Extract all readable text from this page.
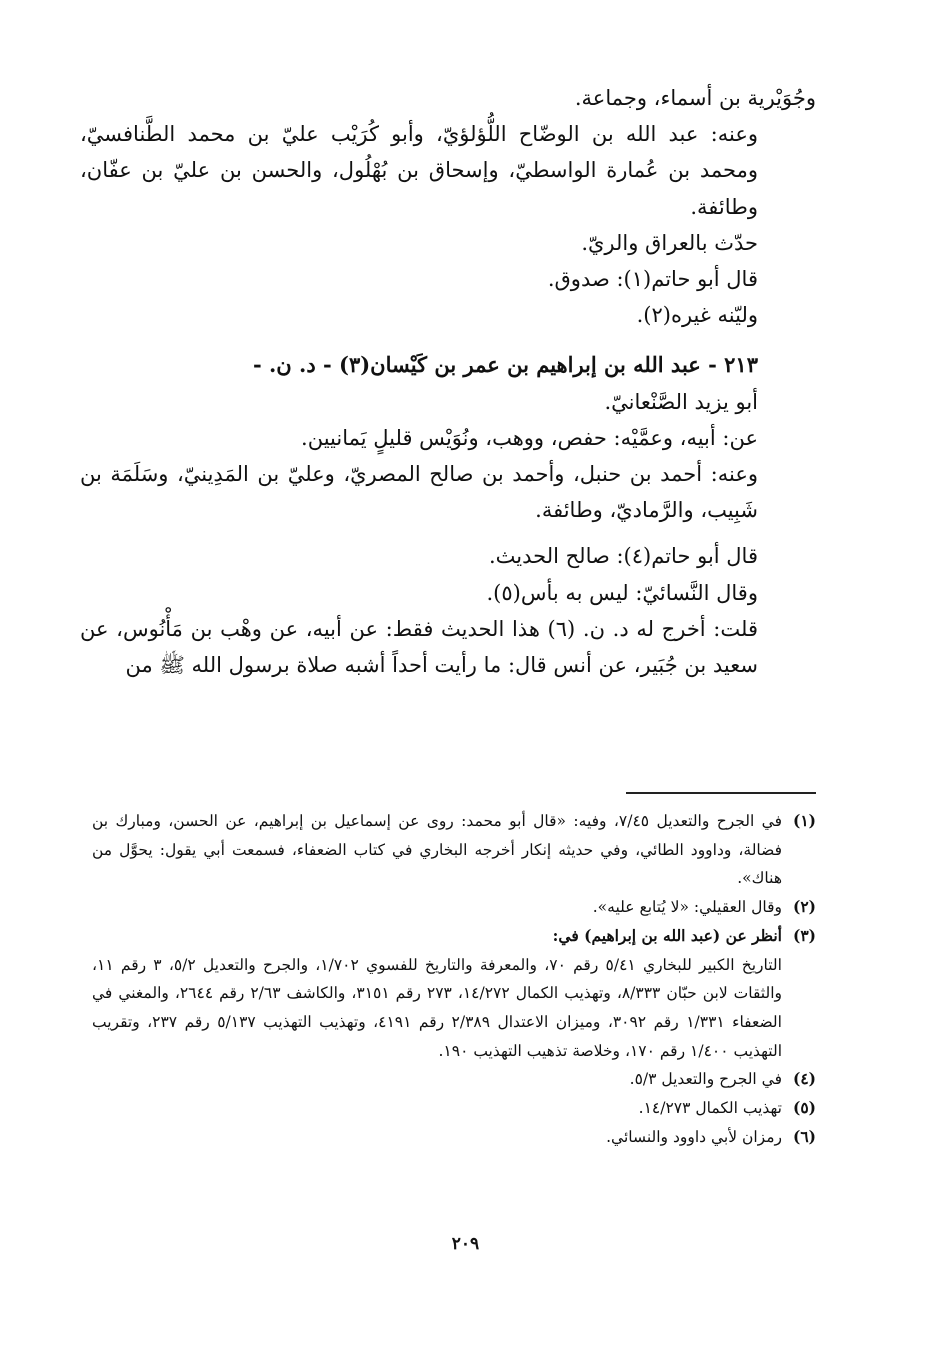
وجُوَيْرية بن أسماء، وجماعة.

وعنه: عبد الله بن الوضّاح اللُّؤلؤيّ، وأبو كُرَيْب عليّ بن محمد الطَّنافسيّ، ومحمد بن عُمارة الواسطيّ، وإسحاق بن بُهْلُول، والحسن بن عليّ بن عفّان، وطائفة.

حدّث بالعراق والريّ.

قال أبو حاتم(١): صدوق.

وليّنه غيره(٢).

٢١٣ - عبد الله بن إبراهيم بن عمر بن كَيْسان(٣) - د. ن. -

أبو يزيد الصَّنْعانيّ.

عن: أبيه، وعمَّيْه: حفص، ووهب، ونُوَيْس قليلٍ يَمانيين.

وعنه: أحمد بن حنبل، وأحمد بن صالح المصريّ، وعليّ بن المَدِينيّ، وسَلَمَة بن شَبِيب، والرَّماديّ، وطائفة.

قال أبو حاتم(٤): صالح الحديث.

وقال النَّسائيّ: ليس به بأس(٥).

قلت: أخرج له د. ن. (٦) هذا الحديث فقط: عن أبيه، عن وهْب بن مَأْنُوس، عن سعيد بن جُبَير، عن أنس قال: ما رأيت أحداً أشبه صلاة برسول الله ﷺ من

(١)
في الجرح والتعديل ٧/٤٥، وفيه: «قال أبو محمد: روى عن إسماعيل بن إبراهيم، عن الحسن، ومبارك بن فضالة، وداوود الطائي، وفي حديثه إنكار أخرجه البخاري في كتاب الضعفاء، فسمعت أبي يقول: يحوَّل من هناك».
(٢)
وقال العقيلي: «لا يُتابع عليه».
(٣)
أنظر عن (عبد الله بن إبراهيم) في:
التاريخ الكبير للبخاري ٥/٤١ رقم ٧٠، والمعرفة والتاريخ للفسوي ١/٧٠٢، والجرح والتعديل ٥/٢، ٣ رقم ١١، والثقات لابن حبّان ٨/٣٣٣، وتهذيب الكمال ١٤/٢٧٢، ٢٧٣ رقم ٣١٥١، والكاشف ٢/٦٣ رقم ٢٦٤٤، والمغني في الضعفاء ١/٣٣١ رقم ٣٠٩٢، وميزان الاعتدال ٢/٣٨٩ رقم ٤١٩١، وتهذيب التهذيب ٥/١٣٧ رقم ٢٣٧، وتقريب التهذيب ١/٤٠٠ رقم ١٧٠، وخلاصة تذهيب التهذيب ١٩٠.
(٤)
في الجرح والتعديل ٥/٣.
(٥)
تهذيب الكمال ١٤/٢٧٣.
(٦)
رمزان لأبي داوود والنسائي.
٢٠٩
